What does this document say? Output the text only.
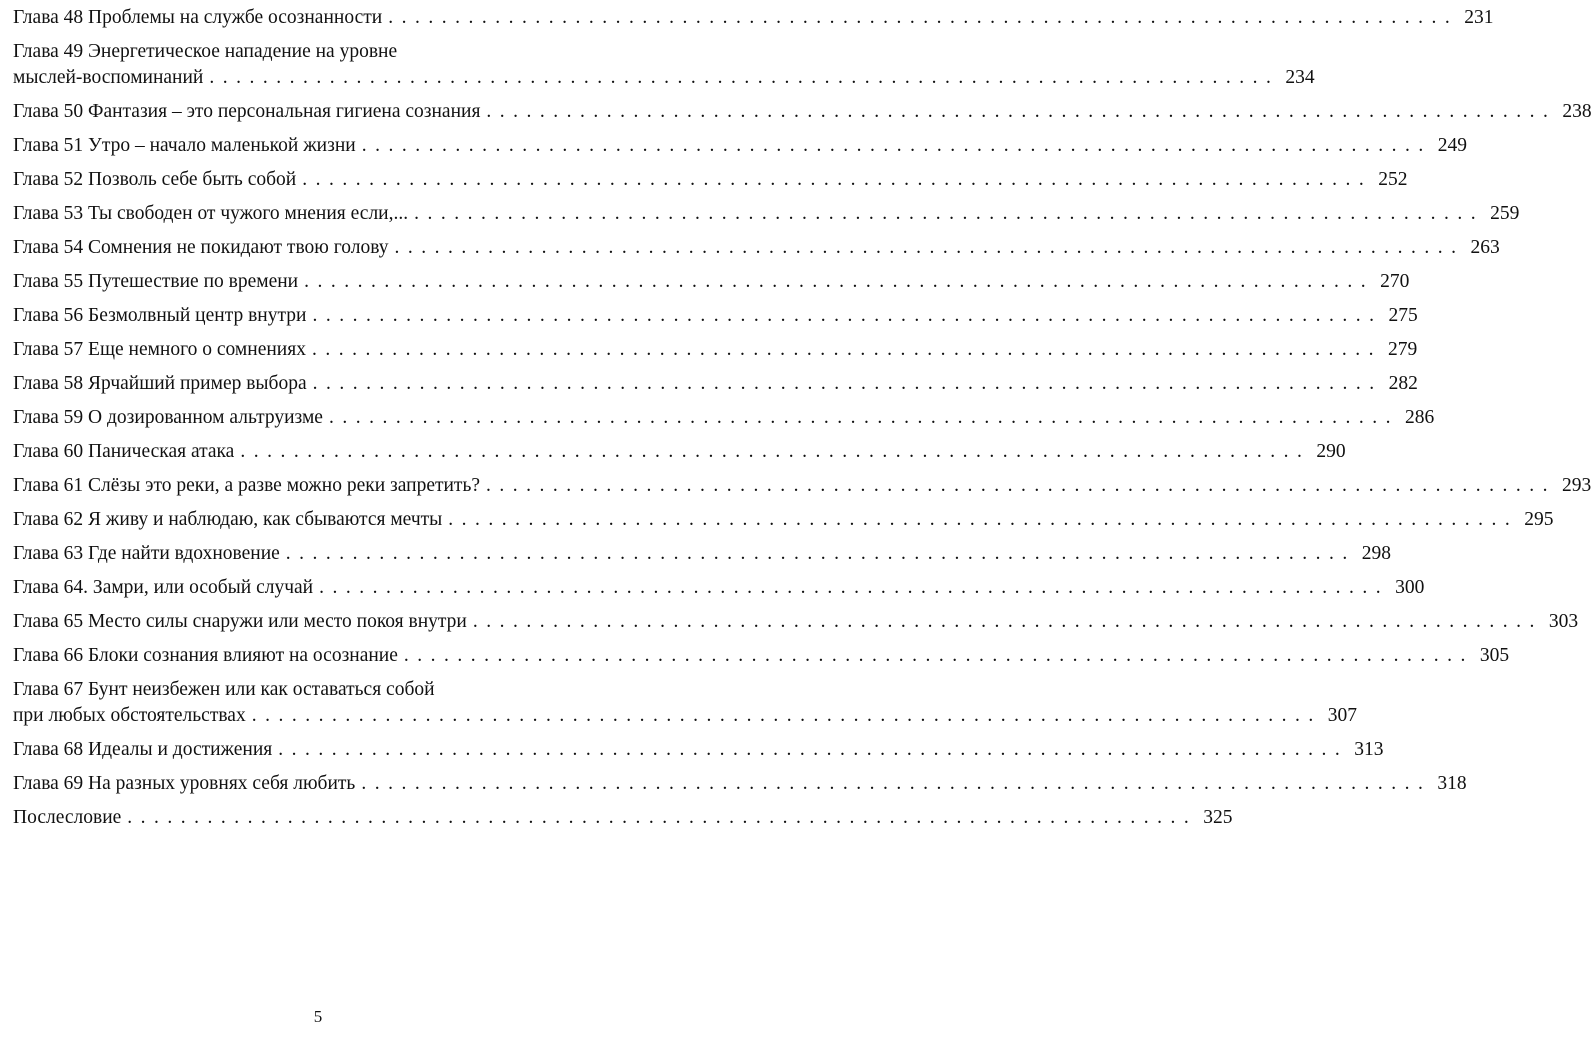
Глава 48 Проблемы на службе осознанности ................................................................................ 231
Глава 49 Энергетическое нападение на уровне
мыслей-воспоминаний ................................................................................ 234
Глава 50 Фантазия – это персональная гигиена сознания ................................................................................ 238
Глава 51 Утро – начало маленькой жизни ................................................................................ 249
Глава 52 Позволь себе быть собой ................................................................................ 252
Глава 53 Ты свободен от чужого мнения если,... ................................................................................ 259
Глава 54 Сомнения не покидают твою голову ................................................................................ 263
Глава 55 Путешествие по времени ................................................................................ 270
Глава 56 Безмолвный центр внутри ................................................................................ 275
Глава 57 Еще немного о сомнениях ................................................................................ 279
Глава 58 Ярчайший пример выбора ................................................................................ 282
Глава 59 О дозированном альтруизме ................................................................................ 286
Глава 60 Паническая атака ................................................................................ 290
Глава 61 Слёзы это реки, а разве можно реки запретить? ................................................................................ 293
Глава 62 Я живу и наблюдаю, как сбываются мечты ................................................................................ 295
Глава 63 Где найти вдохновение ................................................................................ 298
Глава 64. Замри, или особый случай ................................................................................ 300
Глава 65 Место силы снаружи или место покоя внутри ................................................................................ 303
Глава 66 Блоки сознания влияют на осознание ................................................................................ 305
Глава 67 Бунт неизбежен или как оставаться собой
при любых обстоятельствах ................................................................................ 307
Глава 68 Идеалы и достижения ................................................................................ 313
Глава 69 На разных уровнях себя любить ................................................................................ 318
Послесловие ................................................................................ 325
5
